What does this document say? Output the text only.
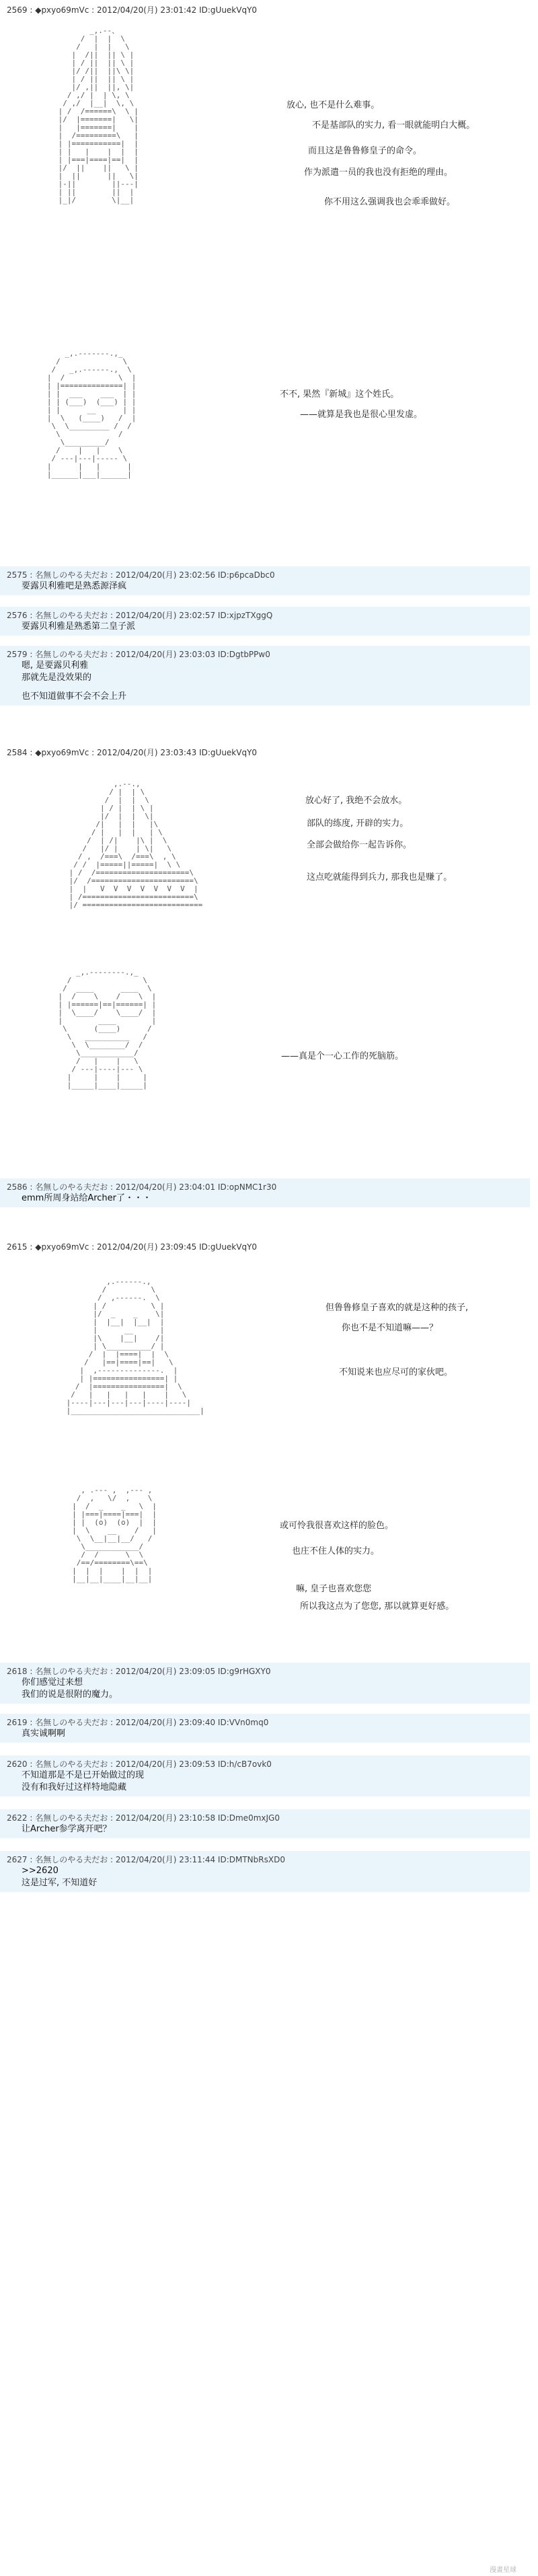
2569 : ◆pxyo69mVc : 2012/04/20(月) 23:01:42 ID:gUuekVqY0
_,.--、
/  |  |  \
/   |  |   \
|  /||  || \ |
| / ||  || \ |
|/ /||  ||\ \|
| / ||  || \ |
|/ ,||  ||, \|
/ ,/ |  | \, \
/ ,/  |__|  \, \
| /  /======\  \ |
|/  |=======|   \|
|   |=======|    |
|  /=========\   |
| |===========|  |
| |   |    |  |  |
| |===|====|==|  |
|/  ||    ||   \ |
|  ||      ||   \|
|-||        ||---|
| ||        ||  |
|_|/        \|__|
放心, 也不是什么难事。
不是基部队的实力, 看一眼就能明白大概。
而且这是鲁鲁修皇子的命令。
作为派遣一员的我也没有拒绝的理由。
你不用这么强调我也会乖乖做好。
_,.-------.,_
/              \
/   _,.------.,  \
|  /            \  |
| |==============| |
| |  ___    ___  | |
| | (___)  (___) | |
| |      __      | |
|  \   (____)   /  |
\  \_________ /  /
\             /
\_________/
/    |   |    \
/ ---|---|----- \
|      |   |      |
|______|___|______|
不不, 果然『新城』这个姓氏。
——就算是我也是很心里发虚。
2575 : 名無しのやる夫だお : 2012/04/20(月) 23:02:56 ID:p6pcaDbc0
要露贝利雅吧是熟悉源泽疯
2576 : 名無しのやる夫だお : 2012/04/20(月) 23:02:57 ID:xjpzTXggQ
要露贝利雅是熟悉第二皇子派
2579 : 名無しのやる夫だお : 2012/04/20(月) 23:03:03 ID:DgtbPPw0
嗯, 是要露贝利雅
那就先是没效果的
也不知道做事不会不会上升
2584 : ◆pxyo69mVc : 2012/04/20(月) 23:03:43 ID:gUuekVqY0
,.--.,
/ |  | \
/  |  |  \
| / |  | \ |
|/  |  |  \|
/|   |  |   |\
/ |   |  |   | \
/  | /|    |\ |  \
/   |/ |    | \|   \
/ ,  /===\  /===\  , \
/ /  |=====||=====|  \ \
| /  /=====================\
|/  /=======================\
|  |   V  V  V  V  V  V  V  |
| /=========================\
|/ ===========================
放心好了, 我绝不会放水。
部队的练度, 开辟的实力。
全部会做给你一起告诉你。
这点吃就能得到兵力, 那我也是赚了。
_,.--------.,_
/                \
/  ____      ____  \
|  /    \    /    \  |
| |======|==|======| |
|  \____/    \____/  |
|        ____        |
\      (____)      /
\   __________   /
\  \________/  /
\____________/
/   |    |   \
/ ---|----|--- \
|     |    |     |
|_____|____|_____|
——真是个一心工作的死脑筋。
2586 : 名無しのやる夫だお : 2012/04/20(月) 23:04:01 ID:opNMC1r30
emm所周身站给Archer了・・・
2615 : ◆pxyo69mVc : 2012/04/20(月) 23:09:45 ID:gUuekVqY0
,.------.,
/          \
/  ,------.  \
| /          \ |
|/  _    _    \|
|  |__|  |__|  |
|      __      |
|\    |__|    /|
| \__________/ |
/  |  |====|  |  \
/   |==|====|==|   \
|  ,--------------.  |
| |================| |
/  |================|  \
/   |   |   |   |    |   \
|----|---|---|---|----|----|
|_____________________________|
但鲁鲁修皇子喜欢的就是这种的孩子,
你也不是不知道嘛——？
不知说来也应尽可的家伙吧。
, .--- ,  ,--- ,
/  ,   \/  ,    \
|  /  _    _   \  |
| |===|====|===|  |
| |  (o)  (o)  |  |
|  \    __    /   |
\  \__|__|__/   /
\____________/
/  /      \  \
/==/========\==\
|  |  |    |  |  |
|__|__|____|__|__|
或可怜我很喜欢这样的脸色。
也庄不住人体的实力。
嘛, 皇子也喜欢您您
所以我这点为了您您, 那以就算更好感。
2618 : 名無しのやる夫だお : 2012/04/20(月) 23:09:05 ID:g9rHGXY0
你们感觉过来想
我们的说是很附的魔力。
2619 : 名無しのやる夫だお : 2012/04/20(月) 23:09:40 ID:VVn0mq0
真实诚啊啊
2620 : 名無しのやる夫だお : 2012/04/20(月) 23:09:53 ID:h/cB7ovk0
不知道那是不是已开始做过的现
没有和我好过这样特地隐藏
2622 : 名無しのやる夫だお : 2012/04/20(月) 23:10:58 ID:Dme0mxJG0
让Archer参学离开吧？
2627 : 名無しのやる夫だお : 2012/04/20(月) 23:11:44 ID:DMTNbRsXD0
>>2620
这是过军, 不知道好
漫畫星球
